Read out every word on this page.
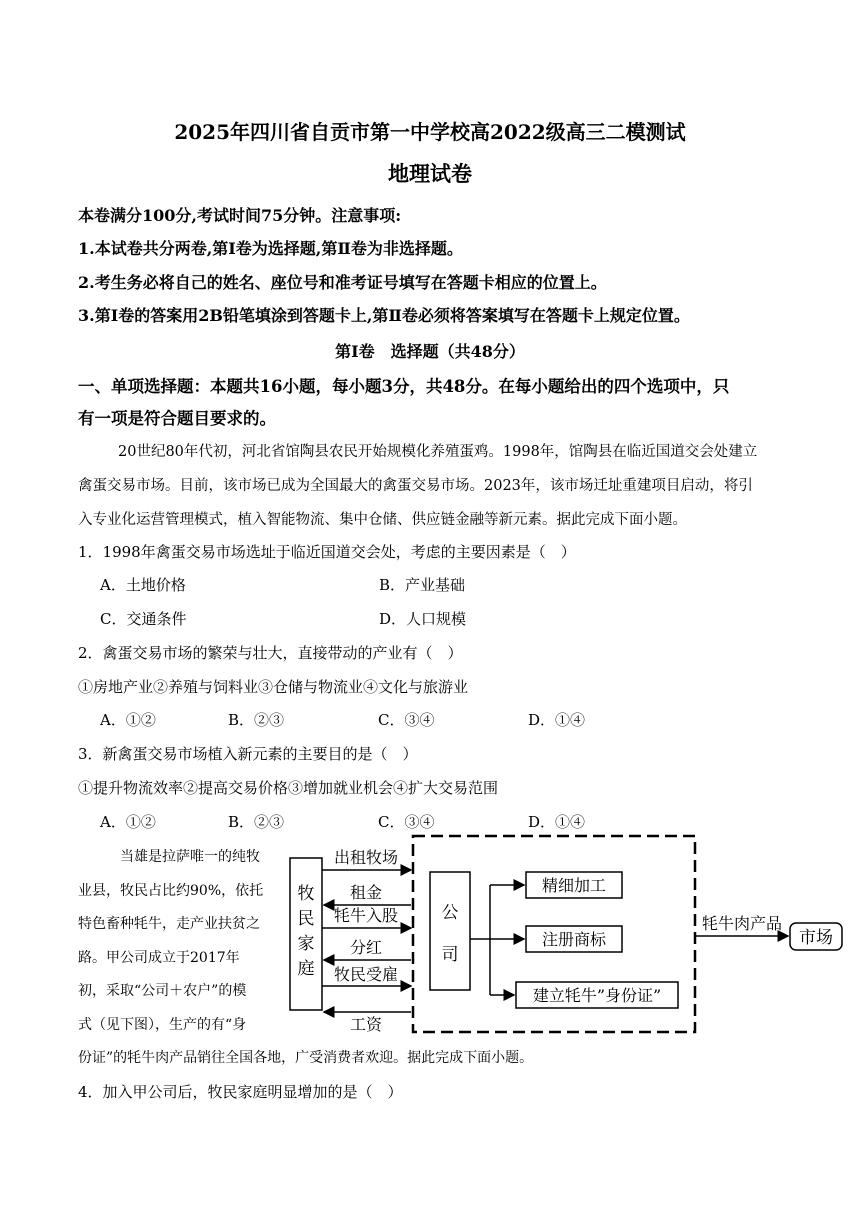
2025年四川省自贡市第一中学校高2022级高三二模测试
地理试卷
本卷满分100分,考试时间75分钟。注意事项:
1.本试卷共分两卷,第Ⅰ卷为选择题,第Ⅱ卷为非选择题。
2.考生务必将自己的姓名、座位号和准考证号填写在答题卡相应的位置上。
3.第Ⅰ卷的答案用2B铅笔填涂到答题卡上,第Ⅱ卷必须将答案填写在答题卡上规定位置。
第Ⅰ卷　选择题（共48分）
一、单项选择题：本题共16小题，每小题3分，共48分。在每小题给出的四个选项中，只
有一项是符合题目要求的。
20世纪80年代初，河北省馆陶县农民开始规模化养殖蛋鸡。1998年，馆陶县在临近国道交会处建立
禽蛋交易市场。目前，该市场已成为全国最大的禽蛋交易市场。2023年，该市场迁址重建项目启动，将引
入专业化运营管理模式，植入智能物流、集中仓储、供应链金融等新元素。据此完成下面小题。
1．1998年禽蛋交易市场选址于临近国道交会处，考虑的主要因素是（　）
A．土地价格	B．产业基础
C．交通条件	D．人口规模
2．禽蛋交易市场的繁荣与壮大，直接带动的产业有（　）
①房地产业②养殖与饲料业③仓储与物流业④文化与旅游业
A．①②	B．②③	C．③④	D．①④
3．新禽蛋交易市场植入新元素的主要目的是（　）
①提升物流效率②提高交易价格③增加就业机会④扩大交易范围
A．①②	B．②③	C．③④	D．①④
当雄是拉萨唯一的纯牧
业县，牧民占比约90%，依托
特色畜种牦牛，走产业扶贫之
路。甲公司成立于2017年
初，采取“公司＋农户”的模
式（见下图），生产的有“身
份证”的牦牛肉产品销往全国各地，广受消费者欢迎。据此完成下面小题。
牧
民
家
庭
公
司
出租牧场
租金
牦牛入股
分红
牧民受雇
工资
精细加工
注册商标
建立牦牛”身份证”
牦牛肉产品
市场
4．加入甲公司后，牧民家庭明显增加的是（　）
